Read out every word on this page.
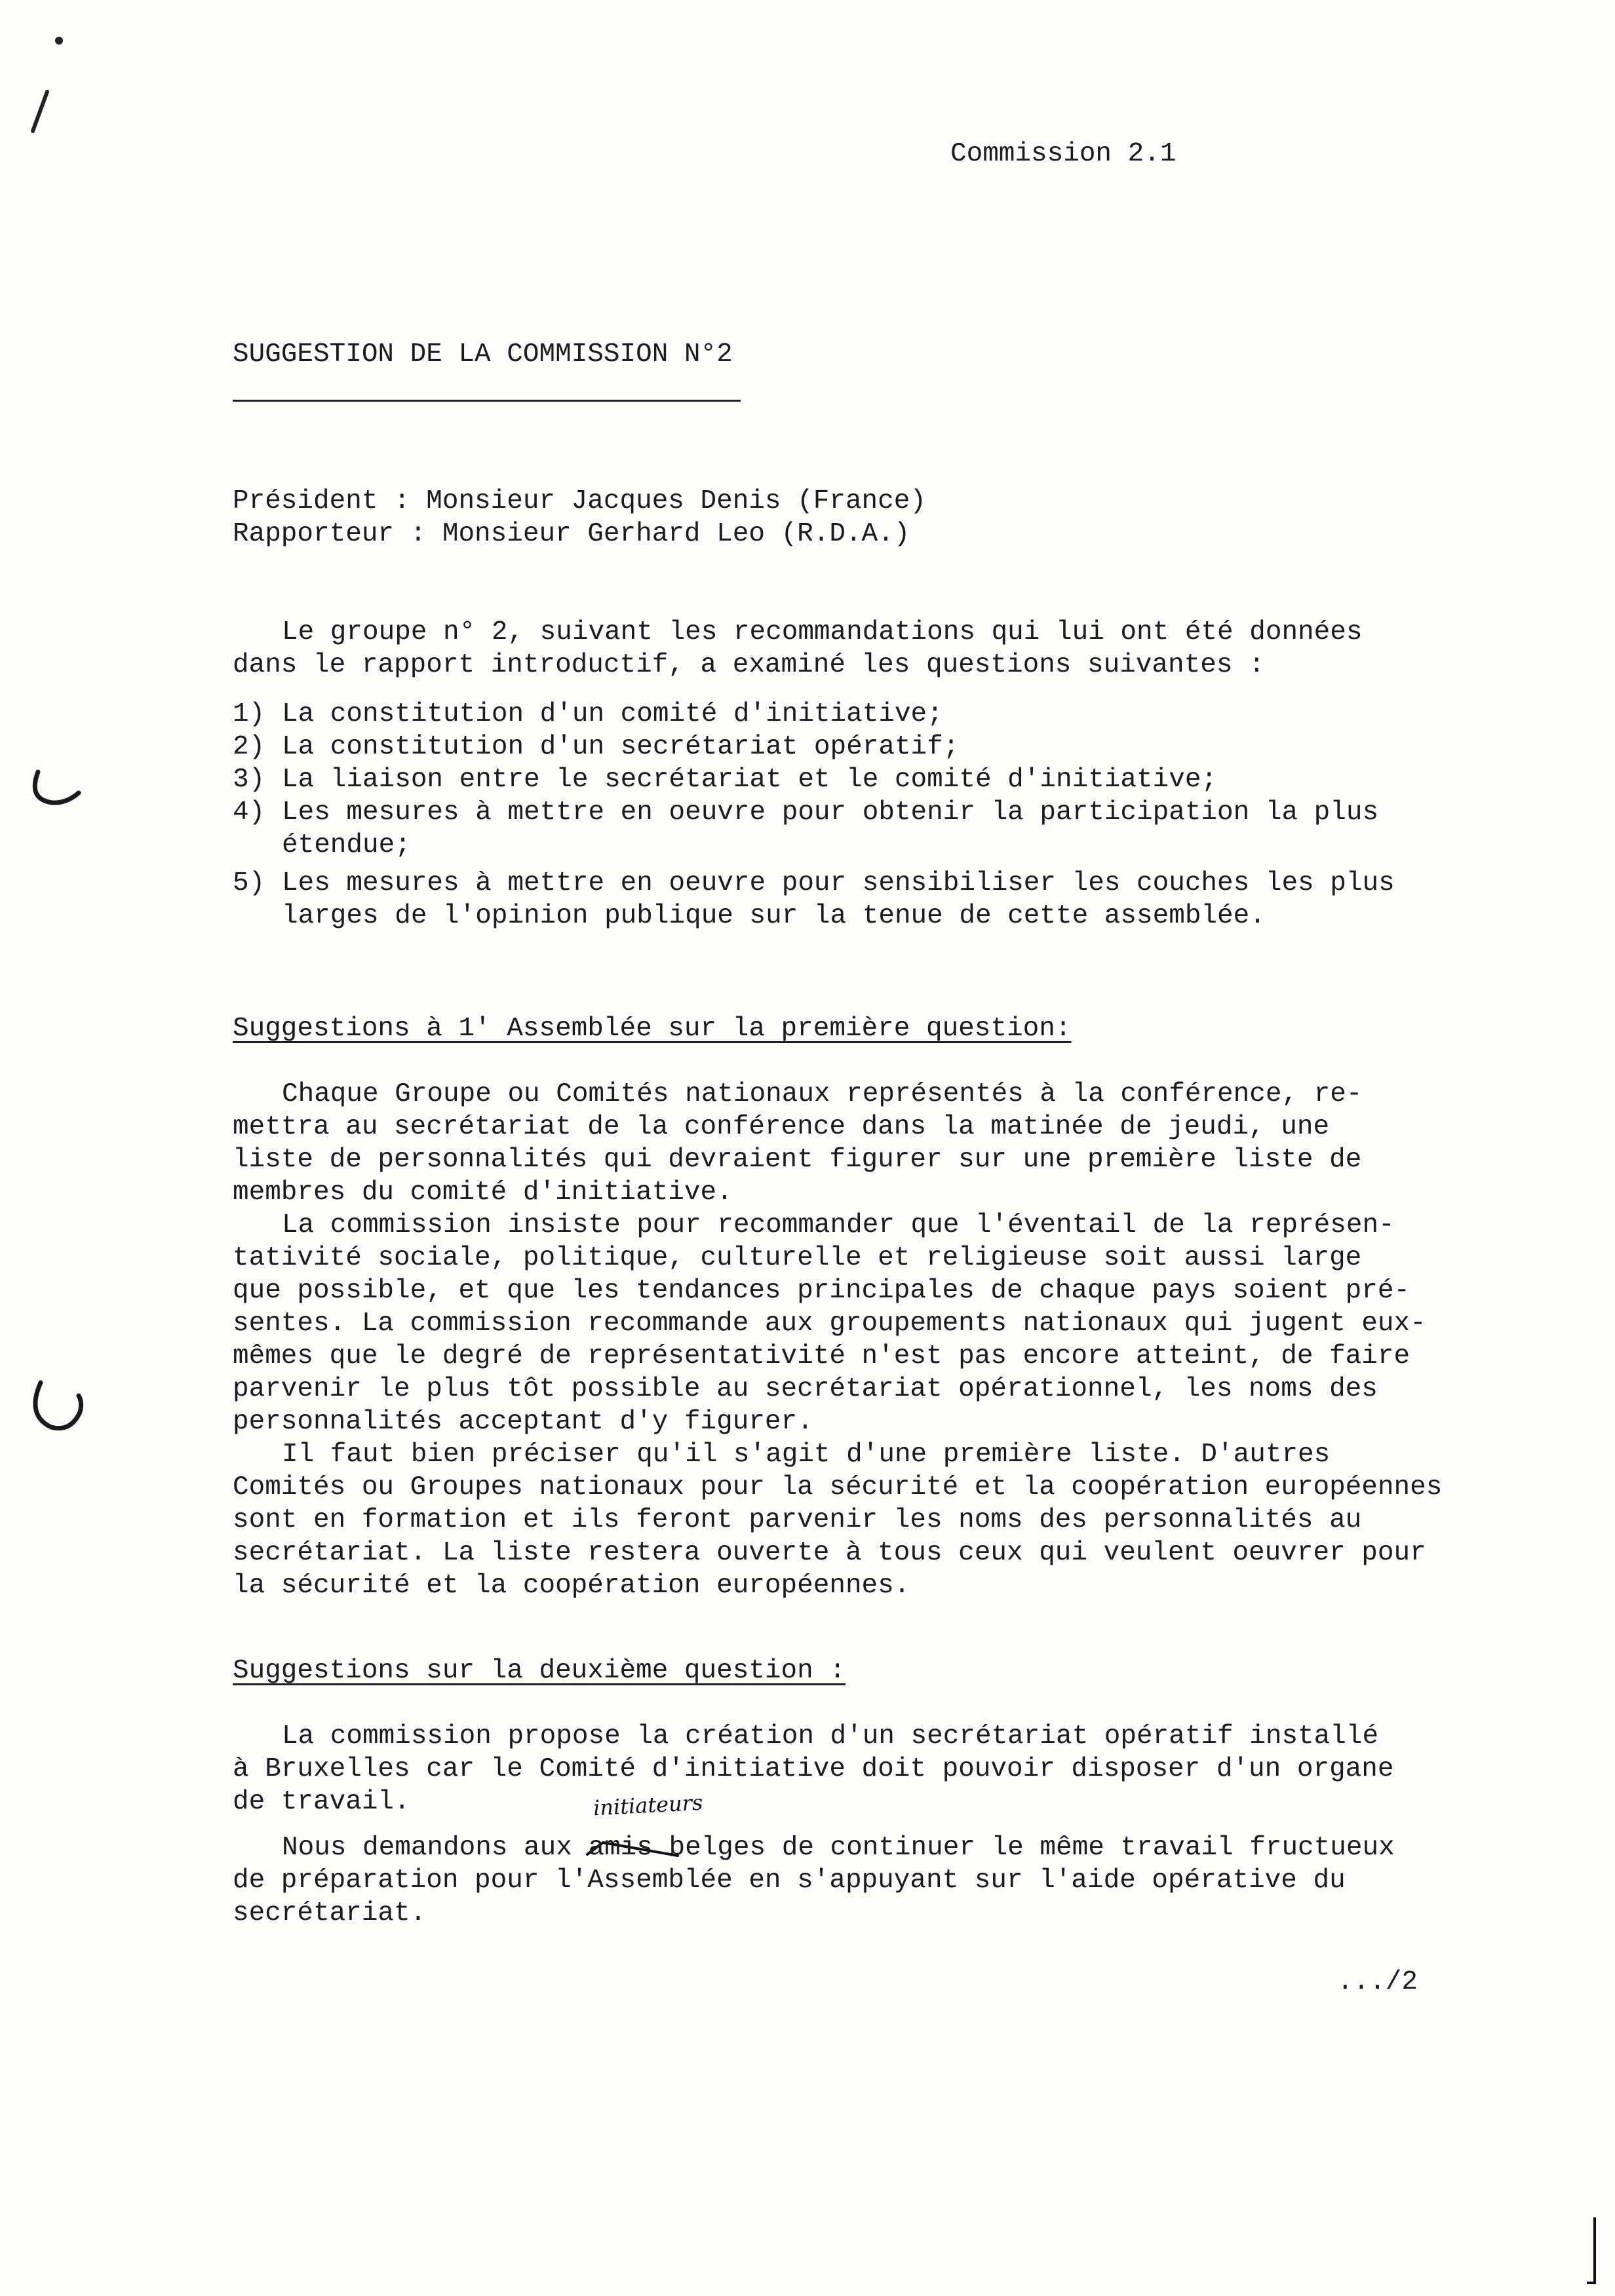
Commission 2.1

SUGGESTION DE LA COMMISSION N°2

Président : Monsieur Jacques Denis (France)

Rapporteur : Monsieur Gerhard Leo (R.D.A.)

Le groupe n° 2, suivant les recommandations qui lui ont été données

dans le rapport introductif, a examiné les questions suivantes :

1) La constitution d'un comité d'initiative;
2) La constitution d'un secrétariat opératif;
3) La liaison entre le secrétariat et le comité d'initiative;
4) Les mesures à mettre en oeuvre pour obtenir la participation la plus

étendue;
5) Les mesures à mettre en oeuvre pour sensibiliser les couches les plus

larges de l'opinion publique sur la tenue de cette assemblée.

Suggestions à 1' Assemblée sur la première question:

Chaque Groupe ou Comités nationaux représentés à la conférence, re-

mettra au secrétariat de la conférence dans la matinée de jeudi, une

liste de personnalités qui devraient figurer sur une première liste de

membres du comité d'initiative.

La commission insiste pour recommander que l'éventail de la représen-

tativité sociale, politique, culturelle et religieuse soit aussi large

que possible, et que les tendances principales de chaque pays soient pré-

sentes. La commission recommande aux groupements nationaux qui jugent eux-

mêmes que le degré de représentativité n'est pas encore atteint, de faire

parvenir le plus tôt possible au secrétariat opérationnel, les noms des

personnalités acceptant d'y figurer.

Il faut bien préciser qu'il s'agit d'une première liste. D'autres

Comités ou Groupes nationaux pour la sécurité et la coopération européennes

sont en formation et ils feront parvenir les noms des personnalités au

secrétariat. La liste restera ouverte à tous ceux qui veulent oeuvrer pour

la sécurité et la coopération européennes.

Suggestions sur la deuxième question :

La commission propose la création d'un secrétariat opératif installé

à Bruxelles car le Comité d'initiative doit pouvoir disposer d'un organe

de travail.	initiateurs

Nous demandons aux amis belges de continuer le même travail fructueux

de préparation pour l'Assemblée en s'appuyant sur l'aide opérative du

secrétariat.

.../2
